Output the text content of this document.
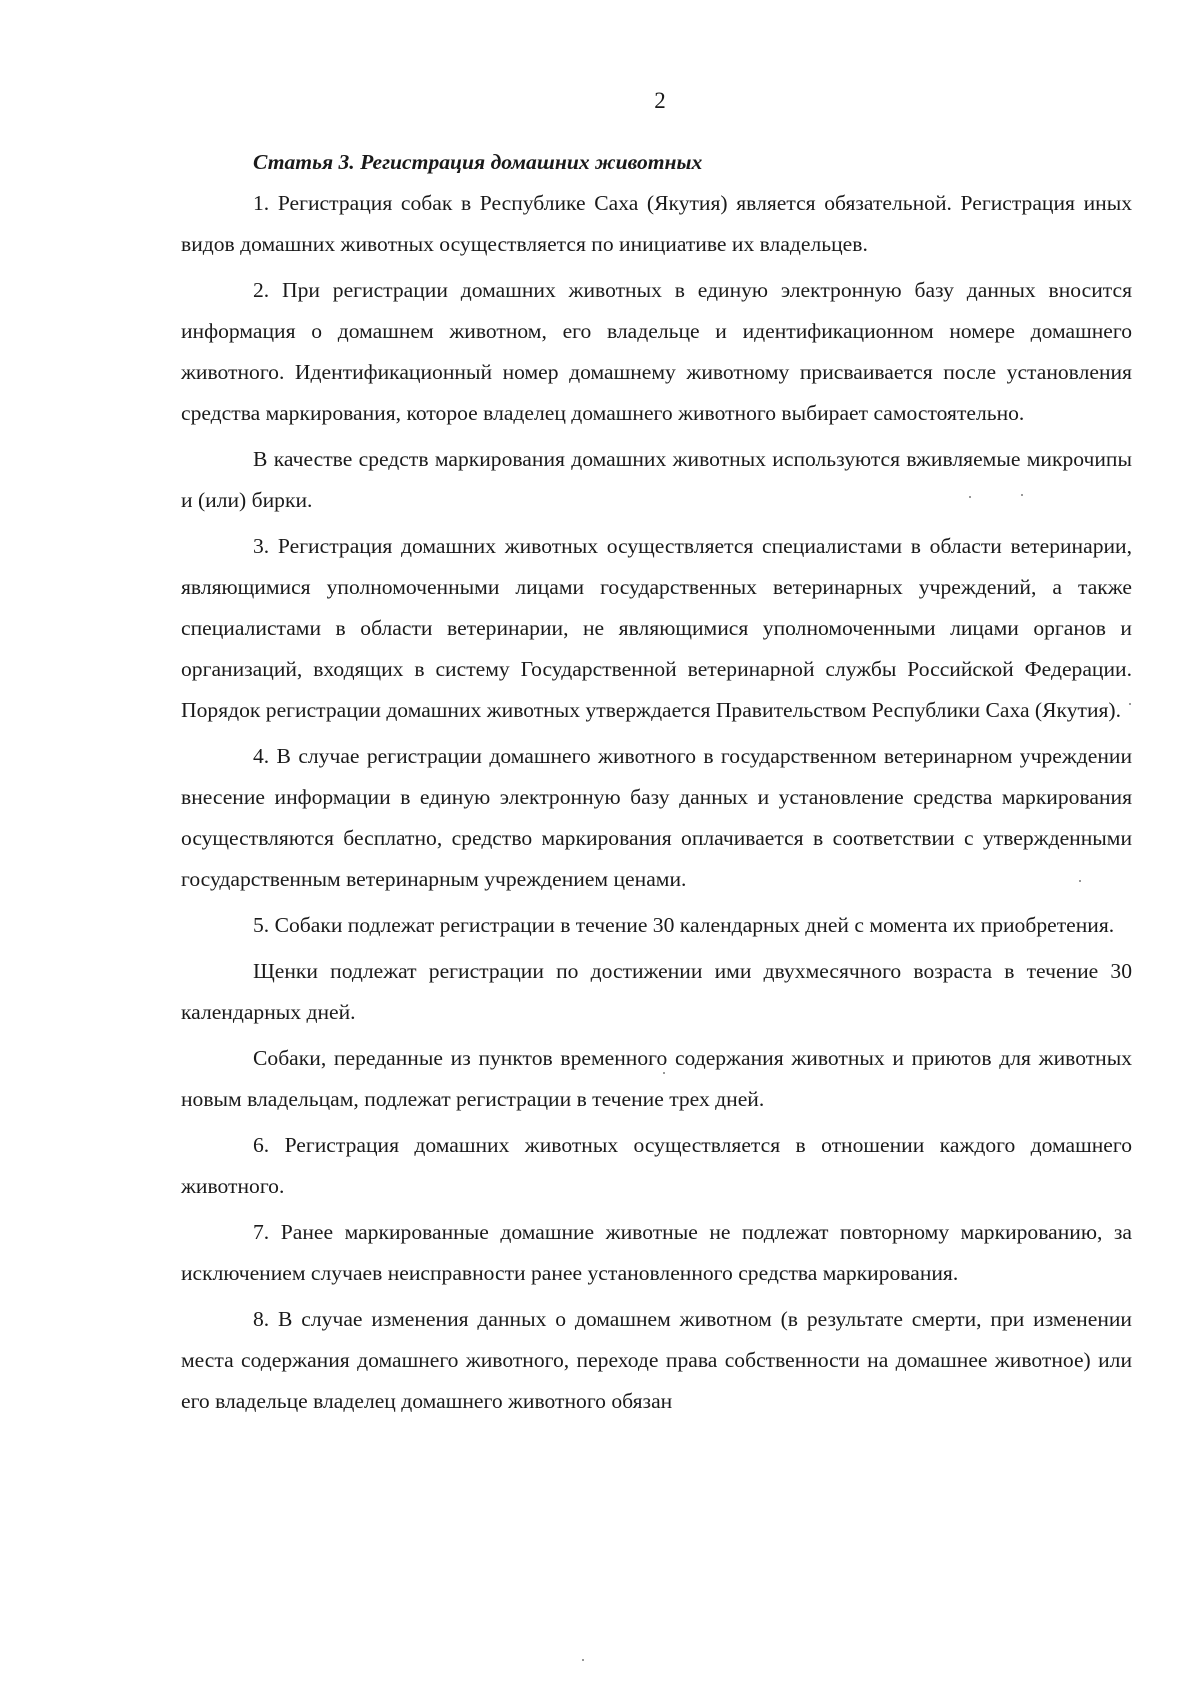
2

Статья 3. Регистрация домашних животных

1. Регистрация собак в Республике Саха (Якутия) является обязательной. Регистрация иных видов домашних животных осуществляется по инициативе их владельцев.

2. При регистрации домашних животных в единую электронную базу данных вносится информация о домашнем животном, его владельце и идентификационном номере домашнего животного. Идентификационный номер домашнему животному присваивается после установления средства маркирования, которое владелец домашнего животного выбирает самостоятельно.

В качестве средств маркирования домашних животных используются вживляемые микрочипы и (или) бирки.

3. Регистрация домашних животных осуществляется специалистами в области ветеринарии, являющимися уполномоченными лицами государственных ветеринарных учреждений, а также специалистами в области ветеринарии, не являющимися уполномоченными лицами органов и организаций, входящих в систему Государственной ветеринарной службы Российской Федерации. Порядок регистрации домашних животных утверждается Правительством Республики Саха (Якутия).

4. В случае регистрации домашнего животного в государственном ветеринарном учреждении внесение информации в единую электронную базу данных и установление средства маркирования осуществляются бесплатно, средство маркирования оплачивается в соответствии с утвержденными государственным ветеринарным учреждением ценами.

5. Собаки подлежат регистрации в течение 30 календарных дней с момента их приобретения.

Щенки подлежат регистрации по достижении ими двухмесячного возраста в течение 30 календарных дней.

Собаки, переданные из пунктов временного содержания животных и приютов для животных новым владельцам, подлежат регистрации в течение трех дней.

6. Регистрация домашних животных осуществляется в отношении каждого домашнего животного.

7. Ранее маркированные домашние животные не подлежат повторному маркированию, за исключением случаев неисправности ранее установленного средства маркирования.

8. В случае изменения данных о домашнем животном (в результате смерти, при изменении места содержания домашнего животного, переходе права собственности на домашнее животное) или его владельце владелец домашнего животного обязан
